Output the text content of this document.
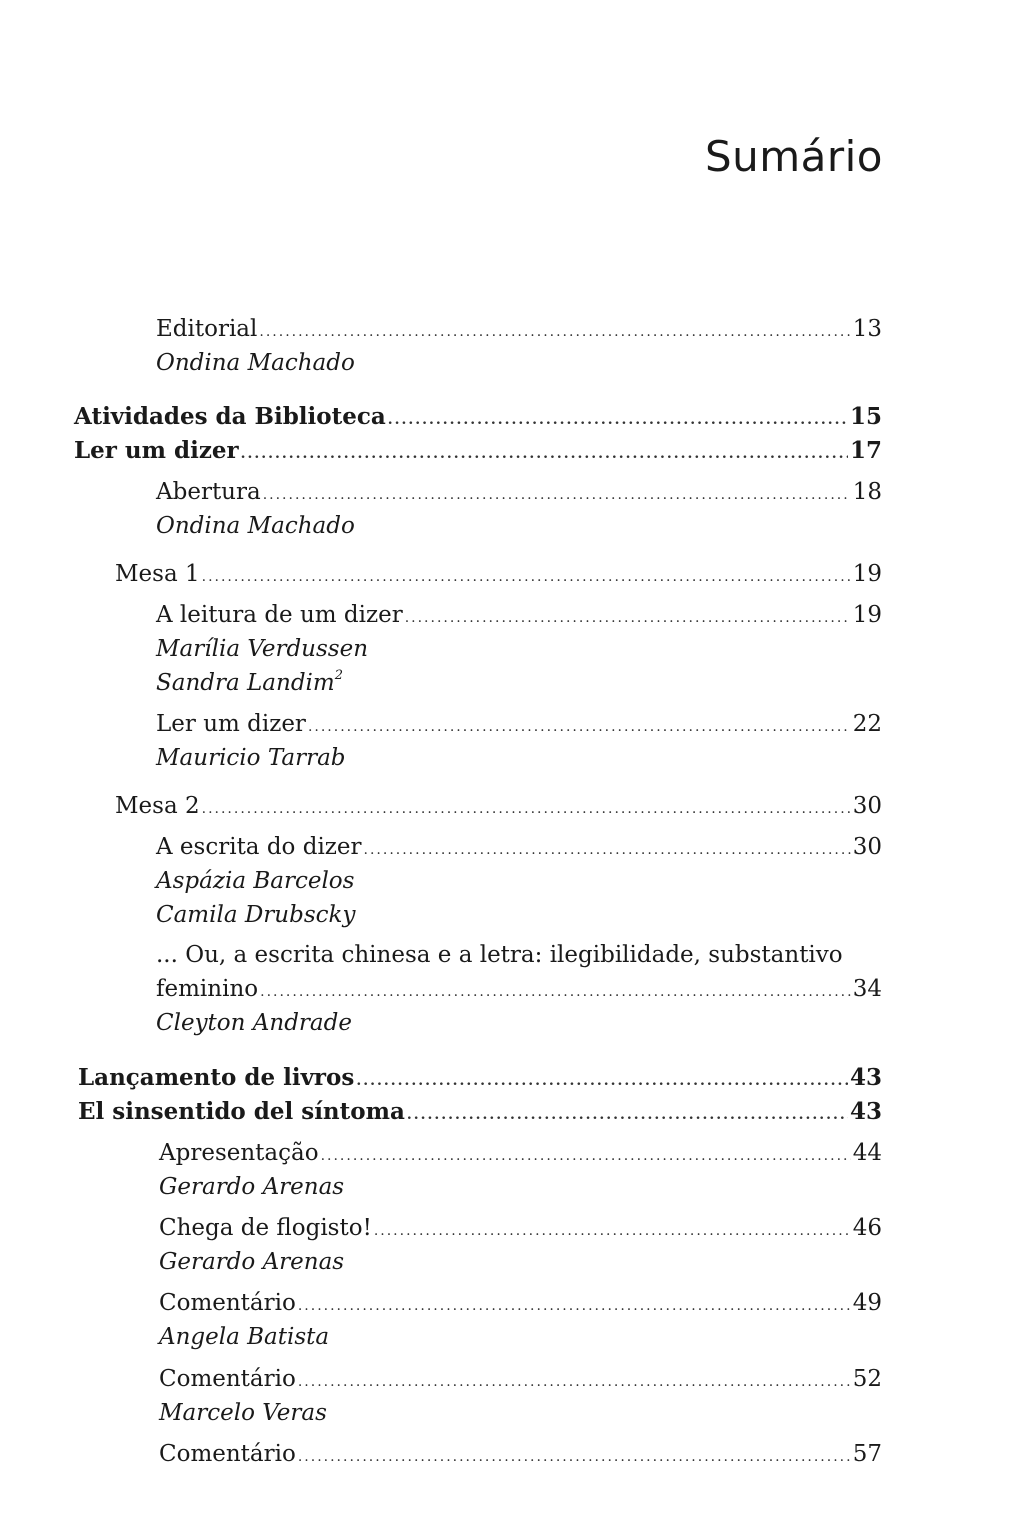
Sumário
Editorial .....	13
Ondina Machado
Atividades da Biblioteca .....	15
Ler um dizer .....	17
Abertura .....	18
Ondina Machado
Mesa 1 .....	19
A leitura de um dizer .....	19
Marília Verdussen
Sandra Landim$^2$
Ler um dizer .....	22
Mauricio Tarrab
Mesa 2 .....	30
A escrita do dizer .....	30
Aspázia Barcelos
Camila Drubscky
... Ou, a escrita chinesa e a letra: ilegibilidade, substantivo
feminino .....	34
Cleyton Andrade
Lançamento de livros .....	43
El sinsentido del síntoma .....	43
Apresentação .....	44
Gerardo Arenas
Chega de flogisto! .....	46
Gerardo Arenas
Comentário .....	49
Angela Batista
Comentário .....	52
Marcelo Veras
Comentário .....	57
